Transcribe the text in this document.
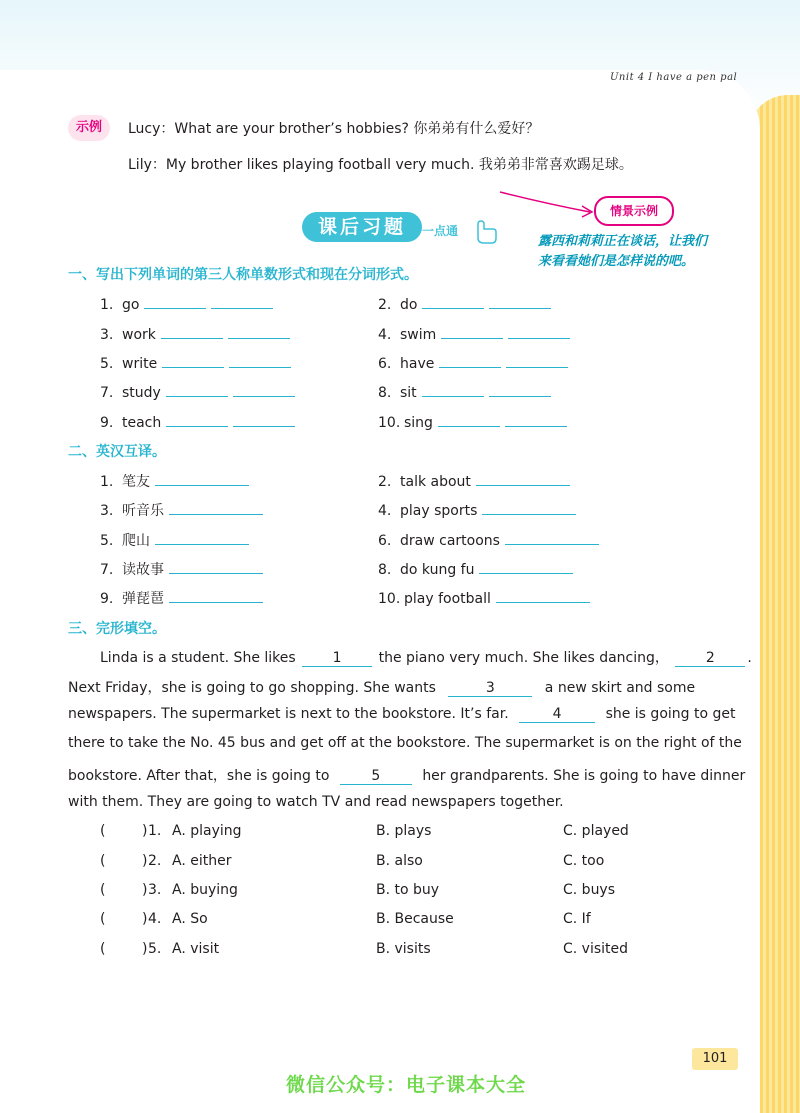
Unit 4 I have a pen pal
示例	Lucy：What are your brother’s hobbies? 你弟弟有什么爱好？
Lily：My brother likes playing football very much. 我弟弟非常喜欢踢足球。
课后习题	一点通
情景示例
露西和莉莉正在谈话，让我们
来看看她们是怎样说的吧。
一、写出下列单词的第三人称单数形式和现在分词形式。
1. go	2. do
3. work	4. swim
5. write	6. have
7. study	8. sit
9. teach	10. sing
二、英汉互译。
1. 笔友	2. talk about
3. 听音乐	4. play sports
5. 爬山	6. draw cartoons
7. 读故事	8. do kung fu
9. 弹琵琶	10. play football
三、完形填空。
Linda is a student. She likes	1	the piano very much. She likes dancing，	2 .
Next Friday，she is going to go shopping. She wants	3	a new skirt and some
newspapers. The supermarket is next to the bookstore. It’s far.	4	she is going to get
there to take the No. 45 bus and get off at the bookstore. The supermarket is on the right of the
bookstore. After that，she is going to	5	her grandparents. She is going to have dinner
with them. They are going to watch TV and read newspapers together.
(	) 1. A. playing	B. plays	C. played
(	) 2. A. either	B. also	C. too
(	) 3. A. buying	B. to buy	C. buys
(	) 4. A. So	B. Because	C. If
(	) 5. A. visit	B. visits	C. visited
101
微信公众号：电子课本大全
